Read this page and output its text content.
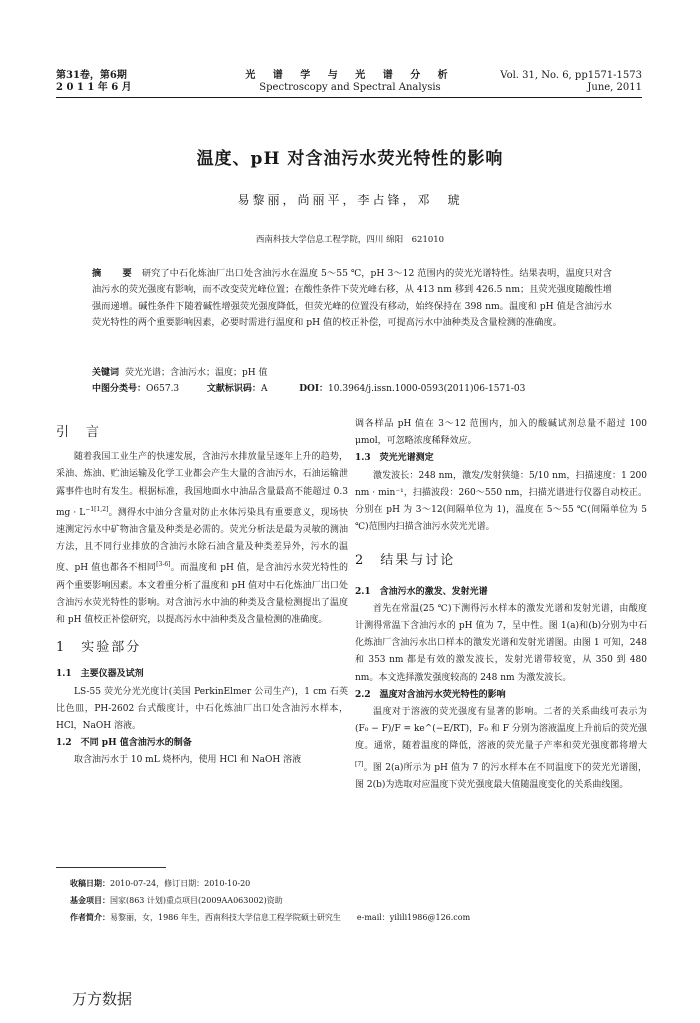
第31卷，第6期
2 0 1 1 年 6 月
光 谱 学 与 光 谱 分 析
Spectroscopy and Spectral Analysis
Vol. 31, No. 6, pp1571-1573
June, 2011
温度、pH 对含油污水荧光特性的影响
易黎丽，尚丽平，李占锋，邓　琥
西南科技大学信息工程学院，四川 绵阳　621010
摘　要 研究了中石化炼油厂出口处含油污水在温度 5～55 ℃，pH 3～12 范围内的荧光光谱特性。结果表明，温度只对含油污水的荧光强度有影响，而不改变荧光峰位置；在酸性条件下荧光峰右移，从 413 nm 移到 426.5 nm；且荧光强度随酸性增强而递增。碱性条件下随着碱性增强荧光强度降低，但荧光峰的位置没有移动，始终保持在 398 nm。温度和 pH 值是含油污水荧光特性的两个重要影响因素，必要时需进行温度和 pH 值的校正补偿，可提高污水中油种类及含量检测的准确度。
关键词 荧光光谱；含油污水；温度；pH 值
中图分类号：O657.3	文献标识码：A	DOI：10.3964/j.issn.1000-0593(2011)06-1571-03
引　言

随着我国工业生产的快速发展，含油污水排放量呈逐年上升的趋势，采油、炼油、贮油运输及化学工业都会产生大量的含油污水，石油运输泄露事件也时有发生。根据标准，我国地面水中油品含量最高不能超过 0.3 mg · $L^{-1[1,2]}$。测得水中油分含量对防止水体污染具有重要意义，现场快速测定污水中矿物油含量及种类是必需的。荧光分析法是最为灵敏的测油方法，且不同行业排放的含油污水除石油含量及种类差异外，污水的温度、pH 值也都各不相同[3-6]。而温度和 pH 值，是含油污水荧光特性的两个重要影响因素。本文着重分析了温度和 pH 值对中石化炼油厂出口处含油污水荧光特性的影响。对含油污水中油的种类及含量检测提出了温度和 pH 值校正补偿研究，以提高污水中油种类及含量检测的准确度。

1　实验部分
1.1　主要仪器及试剂

LS-55 荧光分光光度计(美国 PerkinElmer 公司生产)，1 cm 石英比色皿，PH-2602 台式酸度计，中石化炼油厂出口处含油污水样本，HCl，NaOH 溶液。

1.2　不同 pH 值含油污水的制备

取含油污水于 10 mL 烧杯内，使用 HCl 和 NaOH 溶液

调各样品 pH 值在 3～12 范围内，加入的酸碱试剂总量不超过 100 μmol，可忽略浓度稀释效应。

1.3　荧光光谱测定

激发波长：248 nm，激发/发射狭缝：5/10 nm，扫描速度：1 200 nm · min⁻¹，扫描波段：260～550 nm，扫描光谱进行仪器自动校正。分别在 pH 为 3～12(间隔单位为 1)，温度在 5～55 ℃(间隔单位为 5 ℃)范围内扫描含油污水荧光光谱。

2　结果与讨论
2.1　含油污水的激发、发射光谱

首先在常温(25 ℃)下测得污水样本的激发光谱和发射光谱，由酸度计测得常温下含油污水的 pH 值为 7，呈中性。图 1(a)和(b)分别为中石化炼油厂含油污水出口样本的激发光谱和发射光谱图。由图 1 可知，248 和 353 nm 都是有效的激发波长，发射光谱带较宽，从 350 到 480 nm。本文选择激发强度较高的 248 nm 为激发波长。

2.2　温度对含油污水荧光特性的影响

温度对于溶液的荧光强度有显著的影响。二者的关系曲线可表示为 (F₀ − F)/F = ke^(−E/RT)，F₀ 和 F 分别为溶液温度上升前后的荧光强度。通常，随着温度的降低，溶液的荧光量子产率和荧光强度都将增大[7]。图 2(a)所示为 pH 值为 7 的污水样本在不同温度下的荧光光谱图，图 2(b)为选取对应温度下荧光强度最大值随温度变化的关系曲线图。

收稿日期：2010-07-24，修订日期：2010-10-20
基金项目：国家(863 计划)重点项目(2009AA063002)资助
作者简介：易黎丽，女，1986 年生，西南科技大学信息工程学院硕士研究生　　e-mail：yilili1986@126.com
万方数据
